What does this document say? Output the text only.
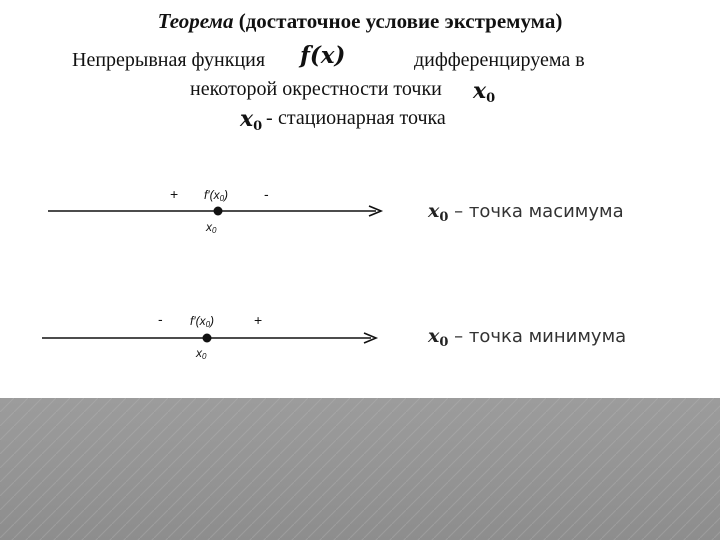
Теорема (достаточное условие экстремума)
Непрерывная функция f(x)	дифференцируема в
некоторой окрестности точки $x_0$
$x_0$ - стационарная точка
+ $f'(x_0)$	-
$x_0$
- $f'(x_0)$	+
$x_0$
$x_0$ – точка масимума
$x_0$ – точка минимума
